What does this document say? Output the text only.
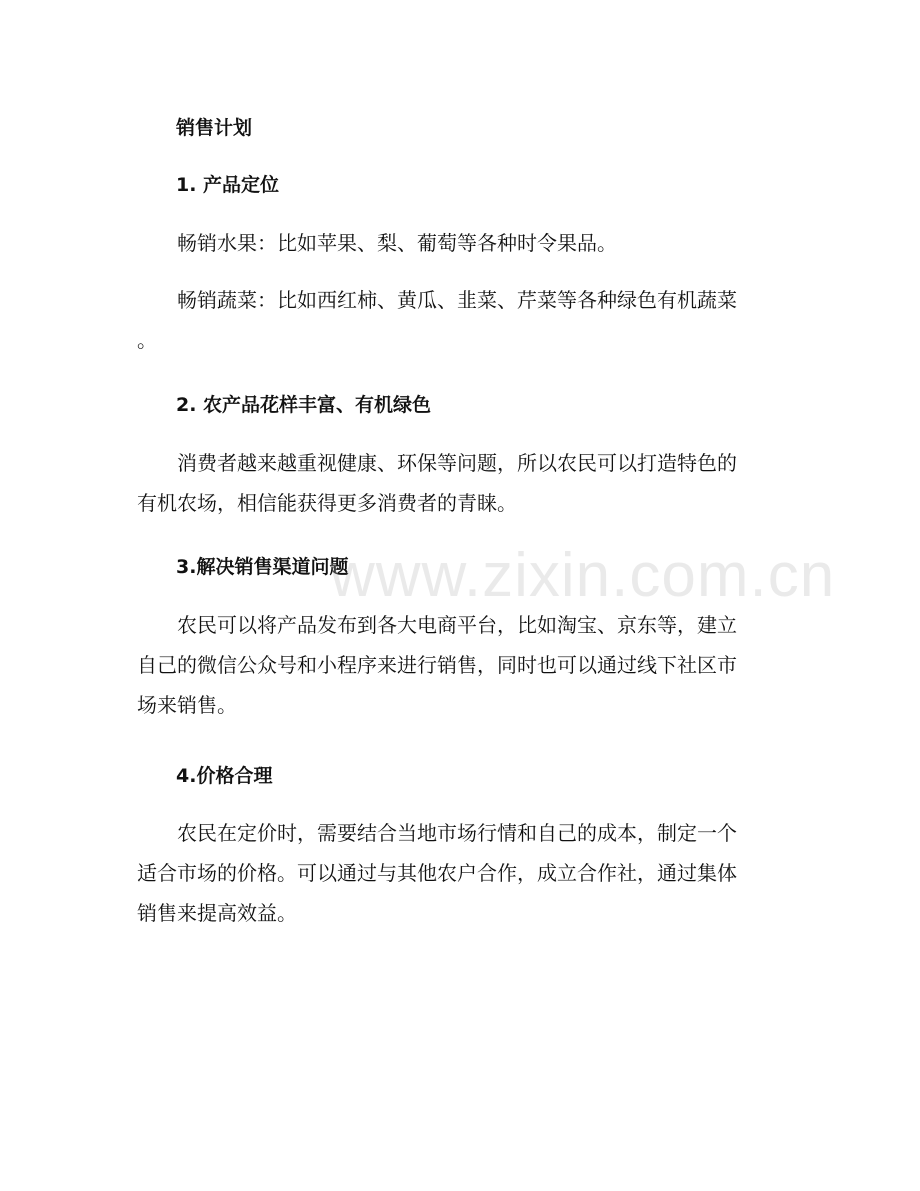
销售计划

1. 产品定位

畅销水果：比如苹果、梨、葡萄等各种时令果品。

畅销蔬菜：比如西红柿、黄瓜、韭菜、芹菜等各种绿色有机蔬菜
。

2. 农产品花样丰富、有机绿色

消费者越来越重视健康、环保等问题，所以农民可以打造特色的
有机农场，相信能获得更多消费者的青睐。

3.解决销售渠道问题

农民可以将产品发布到各大电商平台，比如淘宝、京东等，建立
自己的微信公众号和小程序来进行销售，同时也可以通过线下社区市
场来销售。

4.价格合理

农民在定价时，需要结合当地市场行情和自己的成本，制定一个
适合市场的价格。可以通过与其他农户合作，成立合作社，通过集体
销售来提高效益。

www.zixin.com.cn
